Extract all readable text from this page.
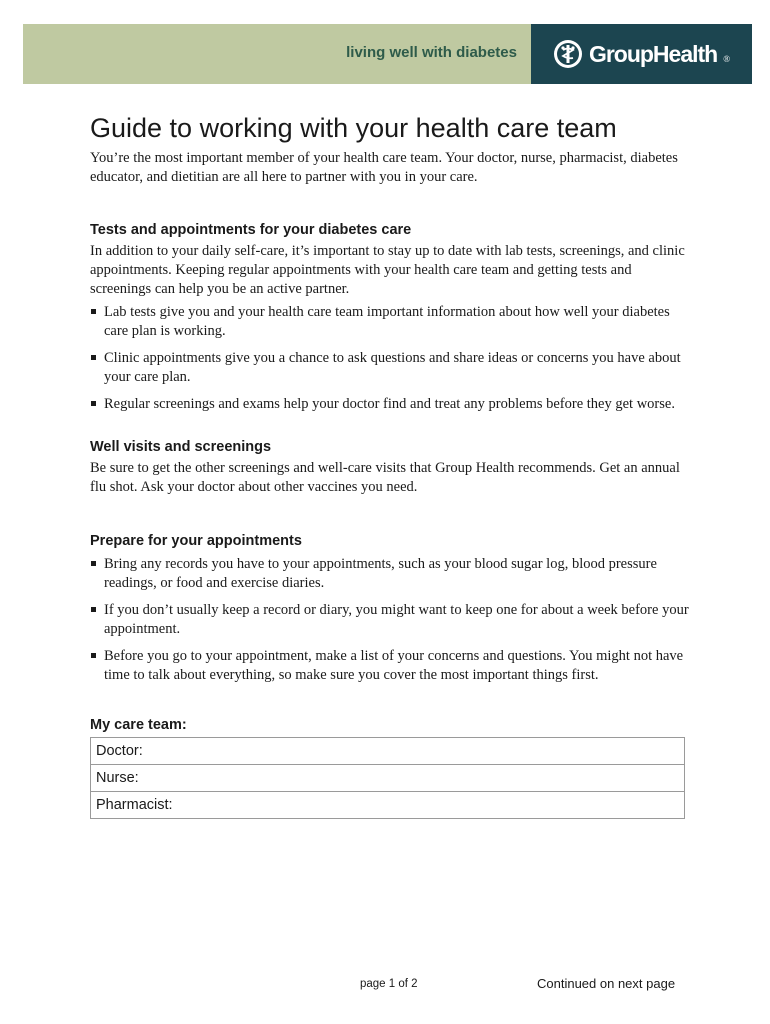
living well with diabetes	GroupHealth ®
Guide to working with your health care team

You’re the most important member of your health care team. Your doctor, nurse, pharmacist, diabetes educator, and dietitian are all here to partner with you in your care.

Tests and appointments for your diabetes care

In addition to your daily self-care, it’s important to stay up to date with lab tests, screenings, and clinic appointments. Keeping regular appointments with your health care team and getting tests and screenings can help you be an active partner.

Lab tests give you and your health care team important information about how well your diabetes care plan is working.
Clinic appointments give you a chance to ask questions and share ideas or concerns you have about your care plan.
Regular screenings and exams help your doctor find and treat any problems before they get worse.
Well visits and screenings

Be sure to get the other screenings and well-care visits that Group Health recommends. Get an annual flu shot. Ask your doctor about other vaccines you need.

Prepare for your appointments
Bring any records you have to your appointments, such as your blood sugar log, blood pressure readings, or food and exercise diaries.
If you don’t usually keep a record or diary, you might want to keep one for about a week before your appointment.
Before you go to your appointment, make a list of your concerns and questions. You might not have time to talk about everything, so make sure you cover the most important things first.
My care team:
Doctor:
Nurse:
Pharmacist:
page 1 of 2	Continued on next page
